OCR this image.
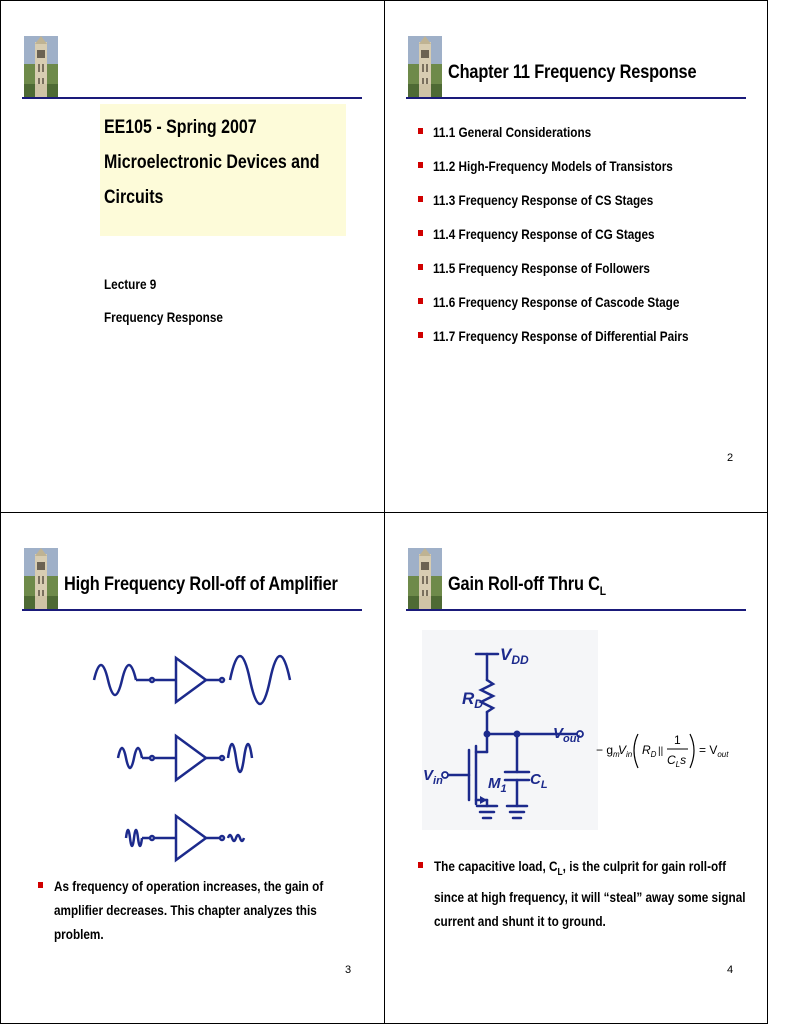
EE105 - Spring 2007
Microelectronic Devices and
Circuits
Lecture 9
Frequency Response
Chapter 11 Frequency Response
11.1 General Considerations
11.2 High-Frequency Models of Transistors
11.3 Frequency Response of CS Stages
11.4 Frequency Response of CG Stages
11.5 Frequency Response of Followers
11.6 Frequency Response of Cascode Stage
11.7 Frequency Response of Differential Pairs
2
High Frequency Roll-off of Amplifier
As frequency of operation increases, the gain of
amplifier decreases. This chapter analyzes this
problem.
3
Gain Roll-off Thru $C_L$
$V_{DD}$
$R_D$
$V_{out}$
$V_{in}$	$M_1$
$C_L$
− $g_m$
$V_{in}$ $R_D$ ||
1
$C_Ls$
= $V_{out}$
The capacitive load, $C_L$, is the culprit for gain roll-off
since at high frequency, it will “steal” away some signal
current and shunt it to ground.
4
